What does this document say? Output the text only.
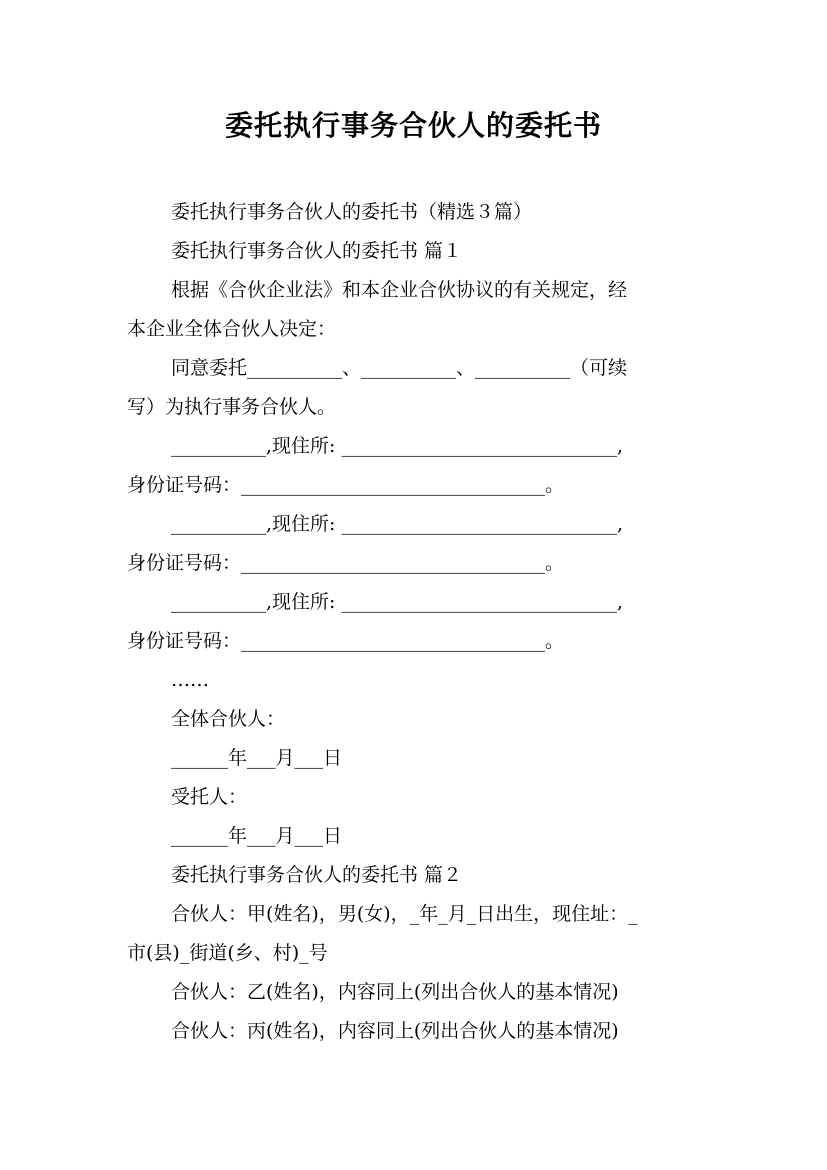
委托执行事务合伙人的委托书
委托执行事务合伙人的委托书（精选３篇）
委托执行事务合伙人的委托书 篇１
根据《合伙企业法》和本企业合伙协议的有关规定，经
本企业全体合伙人决定：
同意委托__________、__________、__________（可续
写）为执行事务合伙人。
__________,现住所: _____________________________,
身份证号码：________________________________。
__________,现住所: _____________________________,
身份证号码：________________________________。
__________,现住所: _____________________________,
身份证号码：________________________________。
……
全体合伙人：
______年___月___日
受托人：
______年___月___日
委托执行事务合伙人的委托书 篇２
合伙人：甲(姓名)，男(女)，_年_月_日出生，现住址：_
市(县)_街道(乡、村)_号
合伙人：乙(姓名)，内容同上(列出合伙人的基本情况)
合伙人：丙(姓名)，内容同上(列出合伙人的基本情况)
